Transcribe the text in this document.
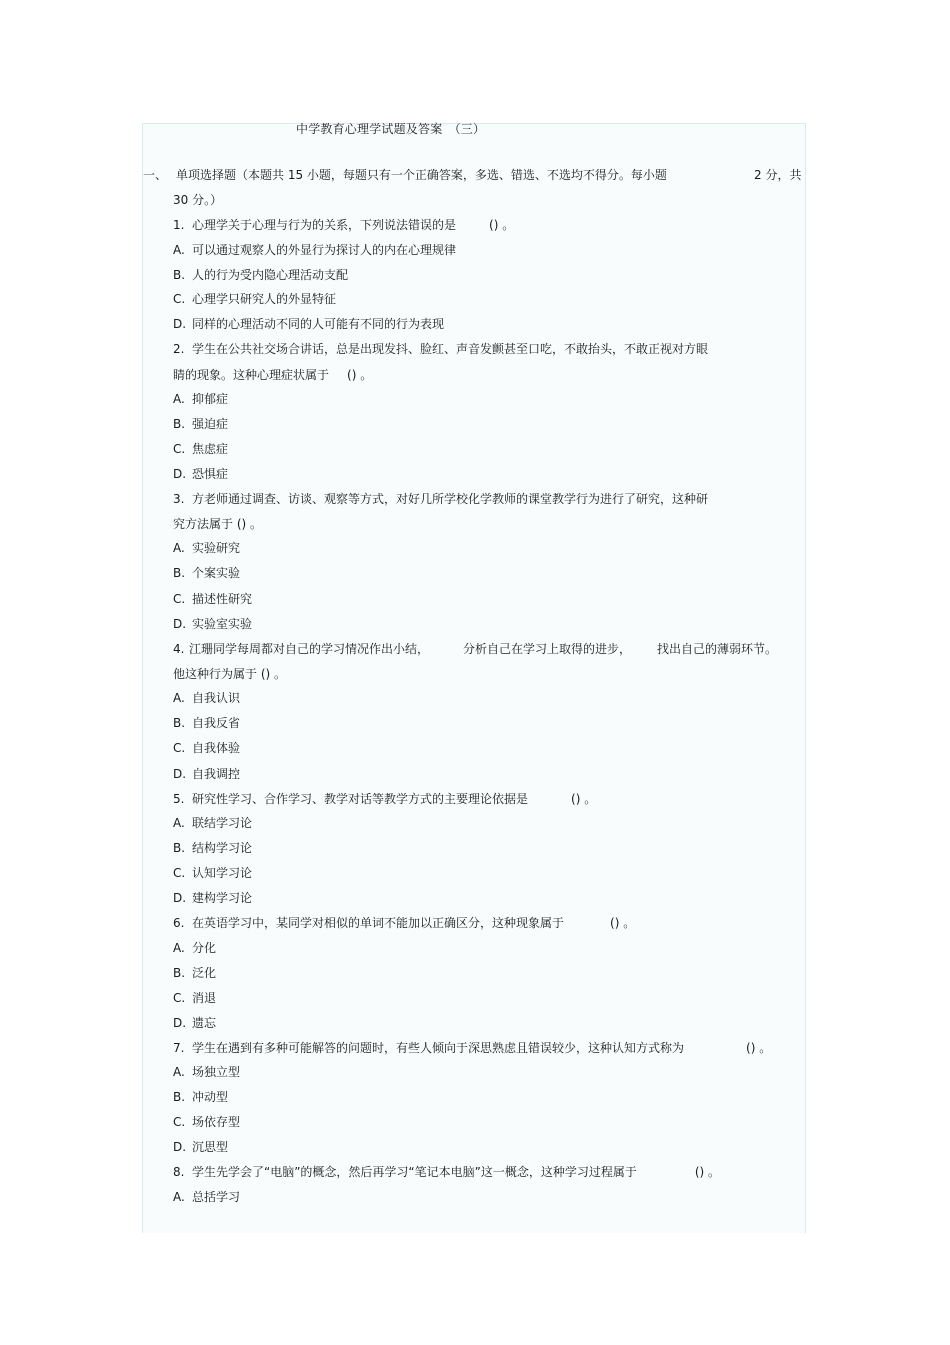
中学教育心理学试题及答案　（三）
一、 单项选择题（本题共 15 小题，每题只有一个正确答案，多选、错选、不选均不得分。每小题	2 分，共
30 分。）
1. 心理学关于心理与行为的关系，下列说法错误的是	() 。
A. 可以通过观察人的外显行为探讨人的内在心理规律
B. 人的行为受内隐心理活动支配
C. 心理学只研究人的外显特征
D. 同样的心理活动不同的人可能有不同的行为表现
2. 学生在公共社交场合讲话，总是出现发抖、脸红、声音发颤甚至口吃，不敢抬头，不敢正视对方眼
睛的现象。这种心理症状属于 () 。
A. 抑郁症
B. 强迫症
C. 焦虑症
D. 恐惧症
3. 方老师通过调查、访谈、观察等方式，对好几所学校化学教师的课堂教学行为进行了研究，这种研
究方法属于 () 。
A. 实验研究
B. 个案实验
C. 描述性研究
D. 实验室实验
4. 江珊同学每周都对自己的学习情况作出小结，	分析自己在学习上取得的进步， 找出自己的薄弱环节。
他这种行为属于 () 。
A. 自我认识
B. 自我反省
C. 自我体验
D. 自我调控
5. 研究性学习、合作学习、教学对话等教学方式的主要理论依据是	() 。
A. 联结学习论
B. 结构学习论
C. 认知学习论
D. 建构学习论
6. 在英语学习中，某同学对相似的单词不能加以正确区分，这种现象属于	() 。
A. 分化
B. 泛化
C. 消退
D. 遗忘
7. 学生在遇到有多种可能解答的问题时，有些人倾向于深思熟虑且错误较少，这种认知方式称为	() 。
A. 场独立型
B. 冲动型
C. 场依存型
D. 沉思型
8. 学生先学会了“电脑”的概念，然后再学习“笔记本电脑”这一概念，这种学习过程属于	() 。
A. 总括学习
